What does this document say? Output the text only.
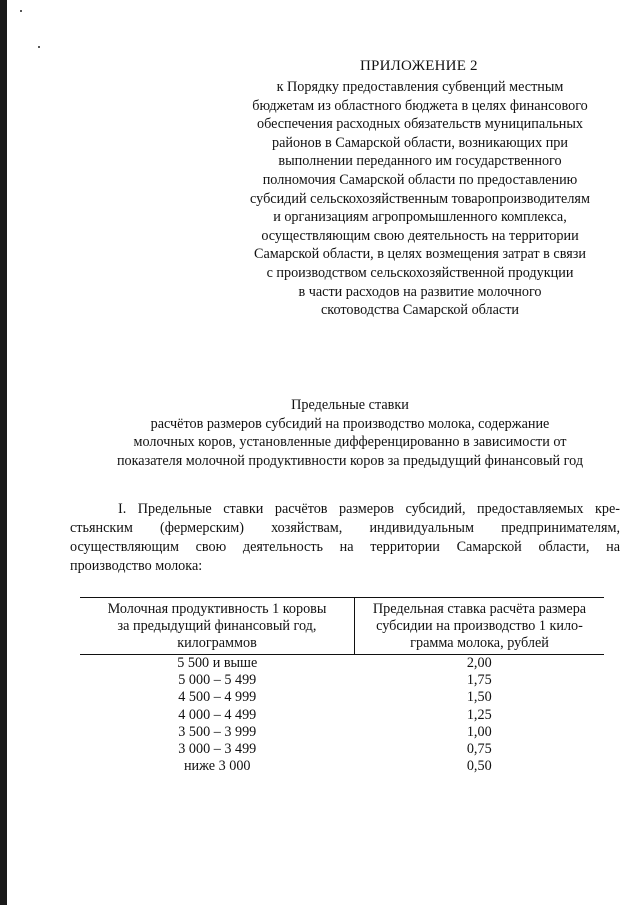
ПРИЛОЖЕНИЕ 2
к Порядку предоставления субвенций местным
бюджетам из областного бюджета в целях финансового
обеспечения расходных обязательств муниципальных
районов в Самарской области, возникающих при
выполнении переданного им государственного
полномочия Самарской области по предоставлению
субсидий сельскохозяйственным товаропроизводителям
и организациям агропромышленного комплекса,
осуществляющим свою деятельность на территории
Самарской области, в целях возмещения затрат в связи
с производством сельскохозяйственной продукции
в части расходов на развитие молочного
скотоводства Самарской области
Предельные ставки
расчётов размеров субсидий на производство молока, содержание
молочных коров, установленные дифференцированно в зависимости от
показателя молочной продуктивности коров за предыдущий финансовый год
I. Предельные ставки расчётов размеров субсидий, предоставляемых кре-
стьянским (фермерским) хозяйствам, индивидуальным предпринимателям,
осуществляющим свою деятельность на территории Самарской области, на
производство молока:
Молочная продуктивность 1 коровы
за предыдущий финансовый год,
килограммов	Предельная ставка расчёта размера
субсидии на производство 1 кило-
грамма молока, рублей

5 500 и выше	2,00
5 000 – 5 499	1,75
4 500 – 4 999	1,50
4 000 – 4 499	1,25
3 500 – 3 999	1,00
3 000 – 3 499	0,75
ниже 3 000	0,50
